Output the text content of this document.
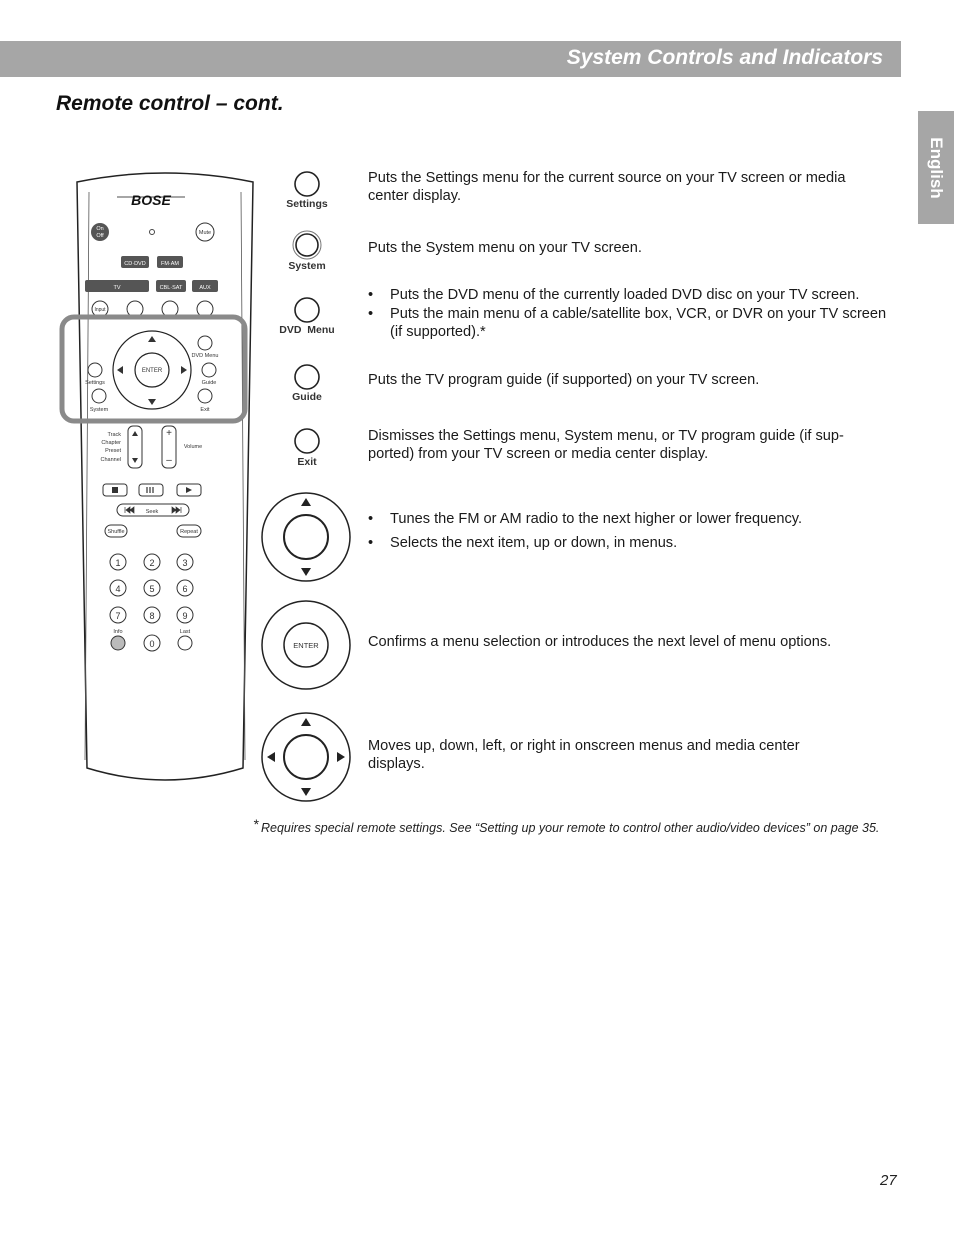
System Controls and Indicators
English
Remote control – cont.
BOSE
On
Off	Mute
CD·DVD	FM·AM
TV	CBL·SAT	AUX
Input
ENTER
DVD Menu
Settings	Guide
System	Exit
Track
Chapter
Preset
Channel
+
–
Volume
Seek
Shuffle	Repeat
1	2	3
4	5	6
7	8	9
0
Info	Last
ENTER
Settings
System
DVD  Menu
Guide
Exit
Puts the Settings menu for the current source on your TV screen or media center display.
Puts the System menu on your TV screen.
• Puts the DVD menu of the currently loaded DVD disc on your TV screen.
• Puts the main menu of a cable/satellite box, VCR, or DVR on your TV screen (if supported).*
Puts the TV program guide (if supported) on your TV screen.
Dismisses the Settings menu, System menu, or TV program guide (if sup-ported) from your TV screen or media center display.
• Tunes the FM or AM radio to the next higher or lower frequency.
• Selects the next item, up or down, in menus.
Confirms a menu selection or introduces the next level of menu options.
Moves up, down, left, or right in onscreen menus and media center displays.
* Requires special remote settings. See “Setting up your remote to control other audio/video devices” on page 35.
27
